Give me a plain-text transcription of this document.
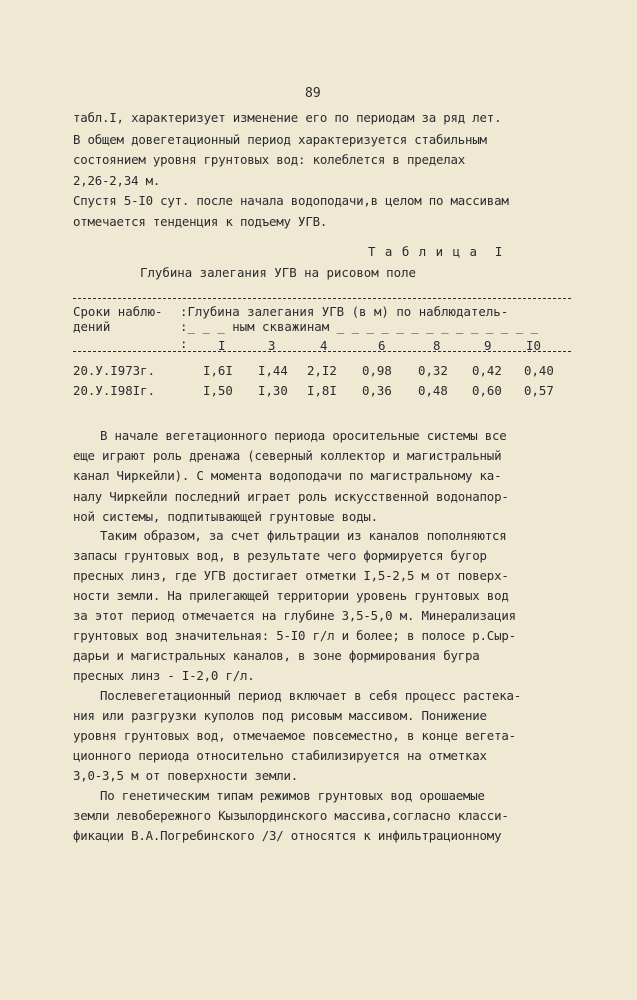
89
табл.I, характеризует изменение его по периодам за ряд лет.
В общем довегетационный период характеризуется стабильным
состоянием уровня грунтовых вод: колеблется в пределах
2,26-2,34 м.
Спустя 5-I0 сут. после начала водоподачи,в целом по массивам
отмечается тенденция к подъему УГВ.
Т а б л и ц а  I
Глубина залегания УГВ на рисовом поле
Сроки наблю-
дений
:Глубина залегания УГВ (в м) по наблюдатель-
:_ _ _ ным скважинам _ _ _ _ _ _ _ _ _ _ _ _ _ _
: I	3	4	6	8	9	I0
20.У.I973г.	I,6I I,44 2,I2 0,98 0,32 0,42 0,40
20.У.I98Iг.	I,50 I,30 I,8I 0,36 0,48 0,60 0,57
В начале вегетационного периода оросительные системы все
еще играют роль дренажа (северный коллектор и магистральный
канал Чиркейли). С момента водоподачи по магистральному ка-
налу Чиркейли последний играет роль искусственной водонапор-
ной системы, подпитывающей грунтовые воды.
Таким образом, за счет фильтрации из каналов пополняются
запасы грунтовых вод, в результате чего формируется бугор
пресных линз, где УГВ достигает отметки I,5-2,5 м от поверх-
ности земли. На прилегающей территории уровень грунтовых вод
за этот период отмечается на глубине 3,5-5,0 м. Минерализация
грунтовых вод значительная: 5-I0 г/л и более; в полосе р.Сыр-
дарьи и магистральных каналов, в зоне формирования бугра
пресных линз - I-2,0 г/л.
Послевегетационный период включает в себя процесс растека-
ния или разгрузки куполов под рисовым массивом. Понижение
уровня грунтовых вод, отмечаемое повсеместно, в конце вегета-
ционного периода относительно стабилизируется на отметках
3,0-3,5 м от поверхности земли.
По генетическим типам режимов грунтовых вод орошаемые
земли левобережного Кызылординского массива,согласно класси-
фикации В.А.Погребинского /3/ относятся к инфильтрационному
